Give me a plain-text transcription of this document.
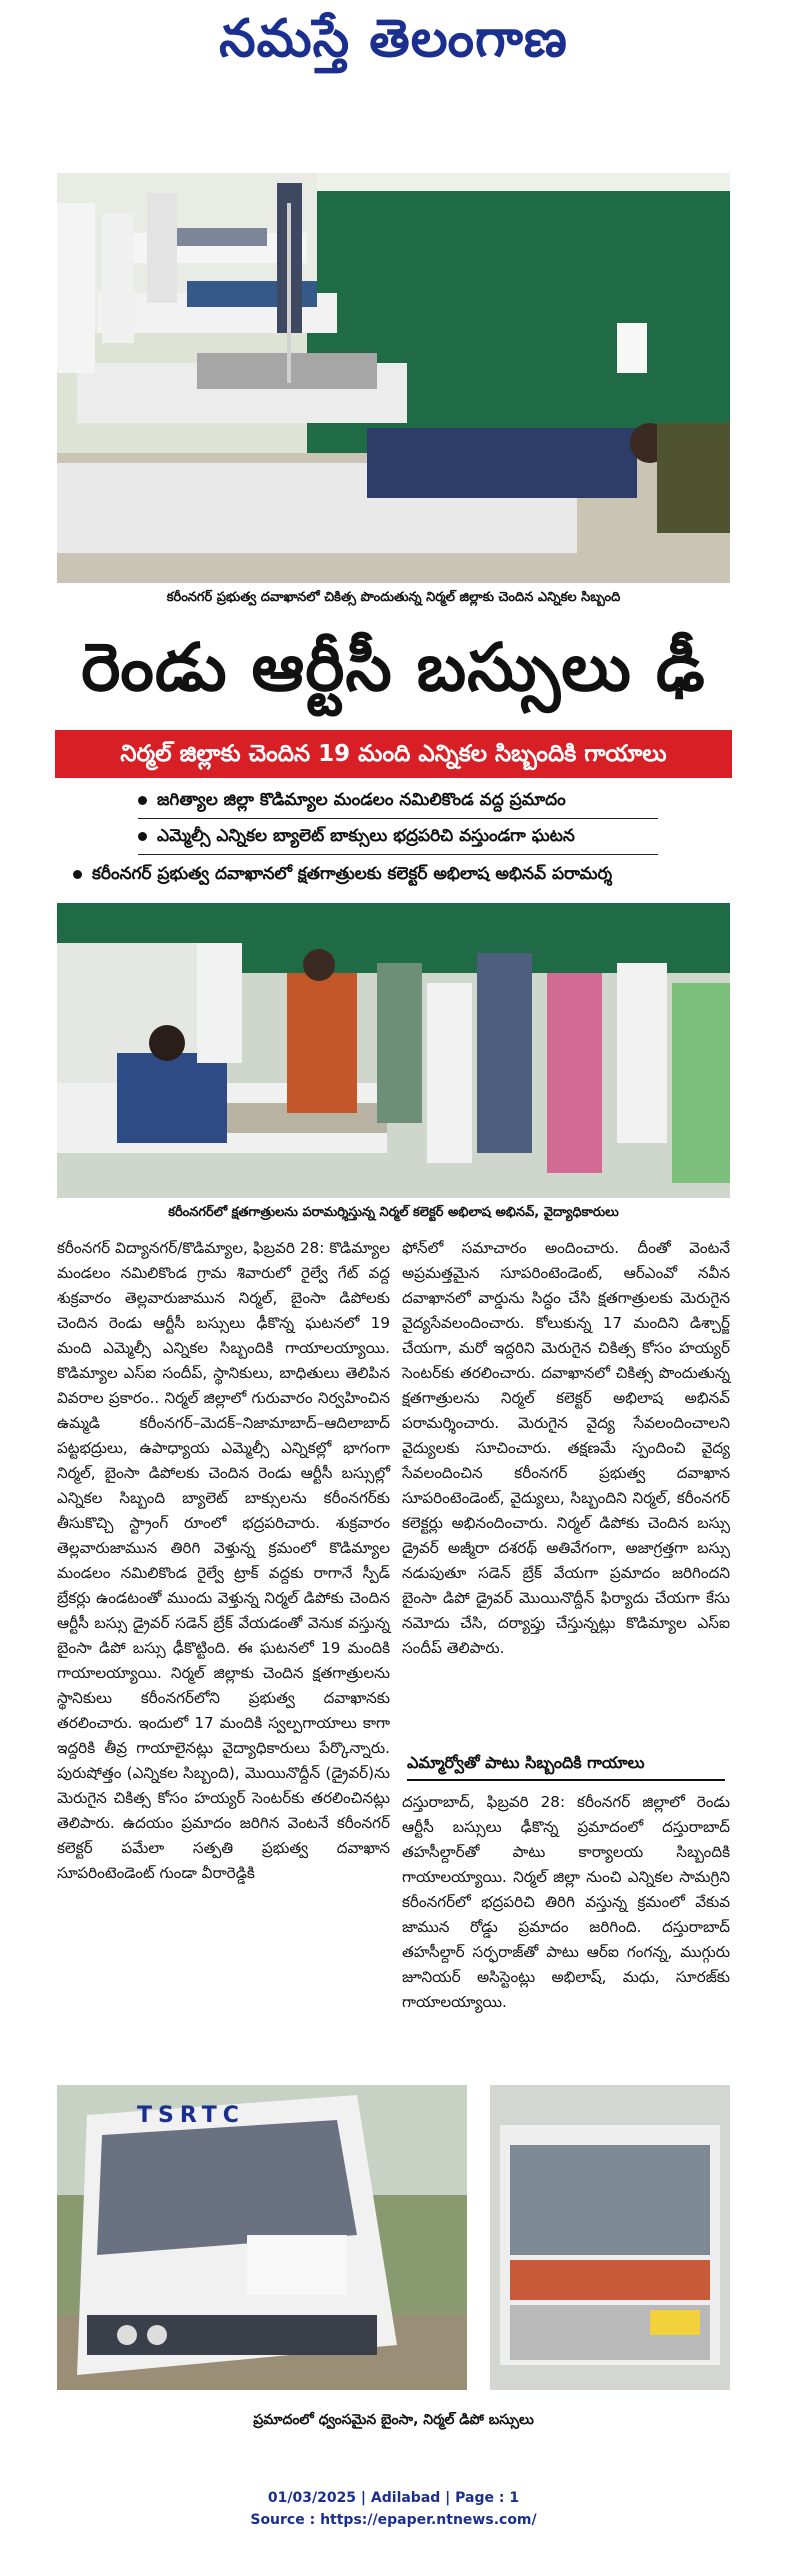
నమస్తే తెలంగాణ
కరీంనగర్ ప్రభుత్వ దవాఖానలో చికిత్స పొందుతున్న నిర్మల్ జిల్లాకు చెందిన ఎన్నికల సిబ్బంది
రెండు ఆర్టీసీ బస్సులు ఢీ
నిర్మల్ జిల్లాకు చెందిన 19 మంది ఎన్నికల సిబ్బందికి గాయాలు
జగిత్యాల జిల్లా కొడిమ్యాల మండలం నమిలికొండ వద్ద ప్రమాదం
ఎమ్మెల్సీ ఎన్నికల బ్యాలెట్ బాక్సులు భద్రపరిచి వస్తుండగా ఘటన
కరీంనగర్ ప్రభుత్వ దవాఖానలో క్షతగాత్రులకు కలెక్టర్ అభిలాష అభినవ్ పరామర్శ
కరీంనగర్‌లో క్షతగాత్రులను పరామర్శిస్తున్న నిర్మల్ కలెక్టర్ అభిలాష అభినవ్, వైద్యాధికారులు

కరీంనగర్ విద్యానగర్/కొడిమ్యాల, ఫిబ్రవరి 28: కొడిమ్యాల మండలం నమిలికొండ గ్రామ శివారులో రైల్వే గేట్ వద్ద శుక్రవారం తెల్లవారుజామున నిర్మల్, బైంసా డిపోలకు చెందిన రెండు ఆర్టీసీ బస్సులు ఢీకొన్న ఘటనలో 19 మంది ఎమ్మెల్సీ ఎన్నికల సిబ్బందికి గాయాలయ్యాయి. కొడిమ్యాల ఎస్ఐ సందీప్, స్థానికులు, బాధితులు తెలిపిన వివరాల ప్రకారం.. నిర్మల్ జిల్లాలో గురువారం నిర్వహించిన ఉమ్మడి కరీంనగర్–మెదక్–నిజామాబాద్–ఆదిలాబాద్ పట్టభద్రులు, ఉపాధ్యాయ ఎమ్మెల్సీ ఎన్నికల్లో భాగంగా నిర్మల్, బైంసా డిపోలకు చెందిన రెండు ఆర్టీసీ బస్సుల్లో ఎన్నికల సిబ్బంది బ్యాలెట్ బాక్సులను కరీంనగర్‌కు తీసుకొచ్చి స్ట్రాంగ్ రూంలో భద్రపరిచారు. శుక్రవారం తెల్లవారుజామున తిరిగి వెళ్తున్న క్రమంలో కొడిమ్యాల మండలం నమిలికొండ రైల్వే ట్రాక్ వద్దకు రాగానే స్పీడ్ బ్రేకర్లు ఉండటంతో ముందు వెళ్తున్న నిర్మల్ డిపోకు చెందిన ఆర్టీసీ బస్సు డ్రైవర్ సడెన్ బ్రేక్ వేయడంతో వెనుక వస్తున్న బైంసా డిపో బస్సు ఢీకొట్టింది. ఈ ఘటనలో 19 మందికి గాయాలయ్యాయి. నిర్మల్ జిల్లాకు చెందిన క్షతగాత్రులను స్థానికులు కరీంనగర్‌లోని ప్రభుత్వ దవాఖానకు తరలించారు. ఇందులో 17 మందికి స్వల్పగాయాలు కాగా ఇద్దరికి తీవ్ర గాయాలైనట్లు వైద్యాధికారులు పేర్కొన్నారు. పురుషోత్తం (ఎన్నికల సిబ్బంది), మొయినొద్దీన్ (డ్రైవర్)ను మెరుగైన చికిత్స కోసం హయ్యర్ సెంటర్‌కు తరలించినట్లు తెలిపారు. ఉదయం ప్రమాదం జరిగిన వెంటనే కరీంనగర్ కలెక్టర్ పమేలా సత్పతి ప్రభుత్వ దవాఖాన సూపరింటెండెంట్ గుండా వీరారెడ్డికి

ఫోన్‌లో సమాచారం అందించారు. దీంతో వెంటనే అప్రమత్తమైన సూపరింటెండెంట్, ఆర్‌ఎంవో నవీన దవాఖానలో వార్డును సిద్ధం చేసి క్షతగాత్రులకు మెరుగైన వైద్యసేవలందించారు. కోలుకున్న 17 మందిని డిశ్చార్జ్ చేయగా, మరో ఇద్దరిని మెరుగైన చికిత్స కోసం హయ్యర్ సెంటర్‌కు తరలించారు. దవాఖానలో చికిత్స పొందుతున్న క్షతగాత్రులను నిర్మల్ కలెక్టర్ అభిలాష అభినవ్ పరామర్శించారు. మెరుగైన వైద్య సేవలందించాలని వైద్యులకు సూచించారు. తక్షణమే స్పందించి వైద్య సేవలందించిన కరీంనగర్ ప్రభుత్వ దవాఖాన సూపరింటెండెంట్, వైద్యులు, సిబ్బందిని నిర్మల్, కరీంనగర్ కలెక్టర్లు అభినందించారు. నిర్మల్ డిపోకు చెందిన బస్సు డ్రైవర్ అజ్మీరా దశరథ్ అతివేగంగా, అజాగ్రత్తగా బస్సు నడుపుతూ సడెన్ బ్రేక్ వేయగా ప్రమాదం జరిగిందని బైంసా డిపో డ్రైవర్ మొయినొద్దీన్ ఫిర్యాదు చేయగా కేసు నమోదు చేసి, దర్యాప్తు చేస్తున్నట్లు కొడిమ్యాల ఎస్ఐ సందీప్ తెలిపారు.

ఎమ్మార్వోతో పాటు సిబ్బందికి గాయాలు

దస్తురాబాద్, ఫిబ్రవరి 28: కరీంనగర్ జిల్లాలో రెండు ఆర్టీసీ బస్సులు ఢీకొన్న ప్రమాదంలో దస్తురాబాద్ తహసీల్దార్‌తో పాటు కార్యాలయ సిబ్బందికి గాయాలయ్యాయి. నిర్మల్ జిల్లా నుంచి ఎన్నికల సామగ్రిని కరీంనగర్‌లో భద్రపరిచి తిరిగి వస్తున్న క్రమంలో వేకువ జామున రోడ్డు ప్రమాదం జరిగింది. దస్తురాబాద్ తహసీల్దార్ సర్ఫరాజ్‌తో పాటు ఆర్ఐ గంగన్న, ముగ్గురు జూనియర్ అసిస్టెంట్లు అభిలాష్, మధు, సూరజ్‌కు గాయాలయ్యాయి.

TSRTC
ప్రమాదంలో ధ్వంసమైన బైంసా, నిర్మల్ డిపో బస్సులు
01/03/2025 | Adilabad | Page : 1
Source : https://epaper.ntnews.com/
